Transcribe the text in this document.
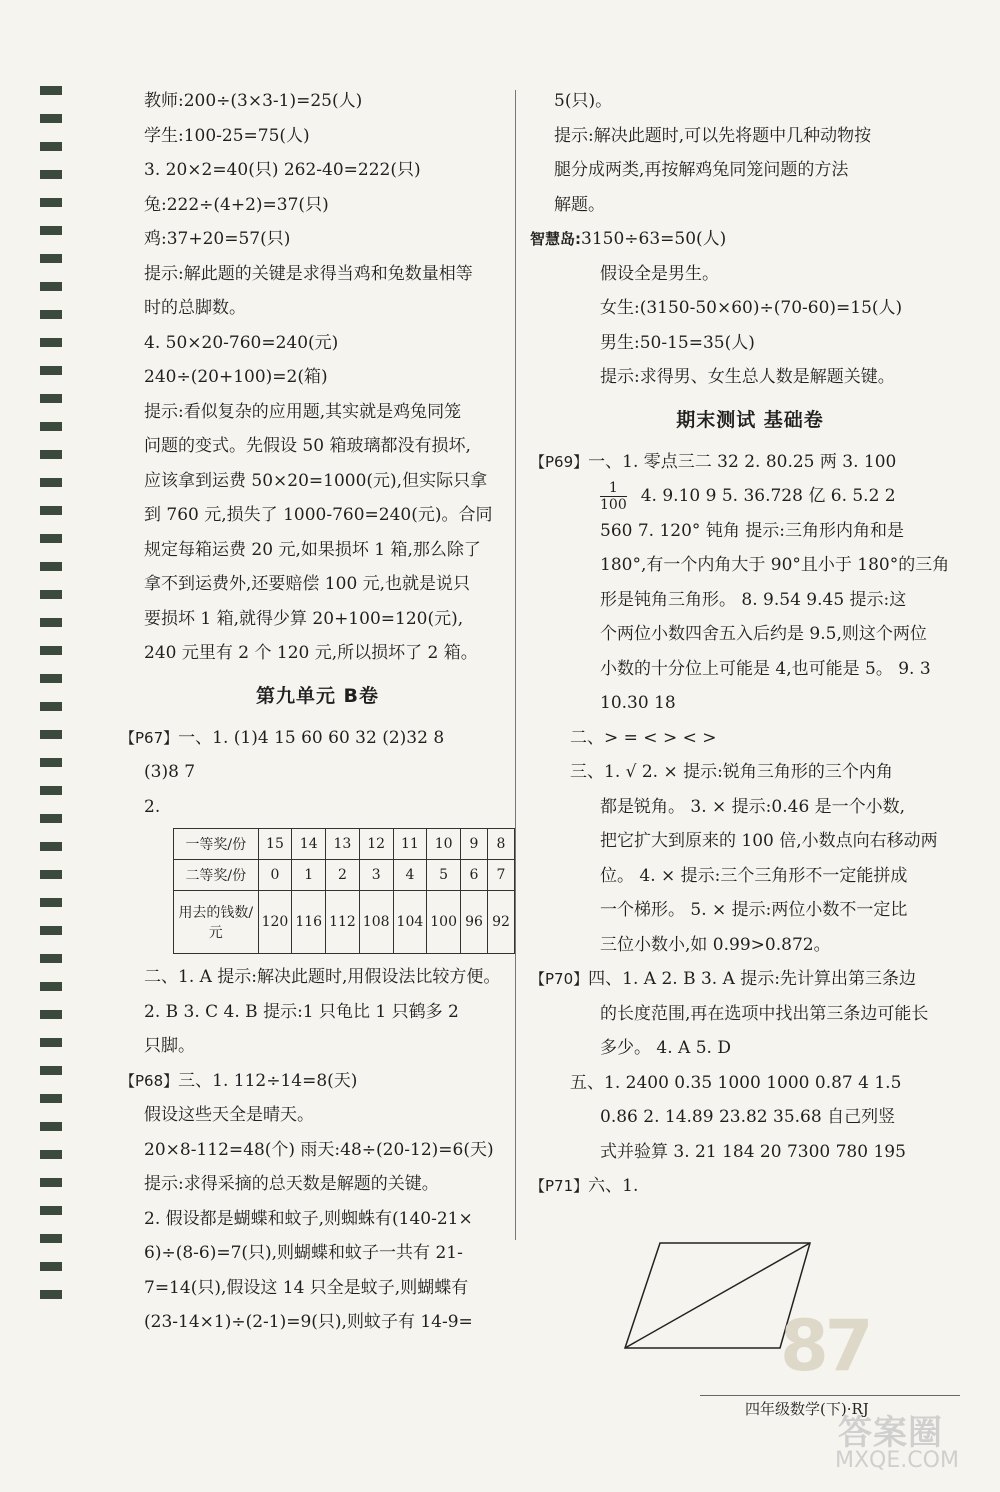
教师:200÷(3×3-1)=25(人)
学生:100-25=75(人)
3. 20×2=40(只) 262-40=222(只)
兔:222÷(4+2)=37(只)
鸡:37+20=57(只)
提示:解此题的关键是求得当鸡和兔数量相等
时的总脚数。
4. 50×20-760=240(元)
240÷(20+100)=2(箱)
提示:看似复杂的应用题,其实就是鸡兔同笼
问题的变式。先假设 50 箱玻璃都没有损坏,
应该拿到运费 50×20=1000(元),但实际只拿
到 760 元,损失了 1000-760=240(元)。合同
规定每箱运费 20 元,如果损坏 1 箱,那么除了
拿不到运费外,还要赔偿 100 元,也就是说只
要损坏 1 箱,就得少算 20+100=120(元),
240 元里有 2 个 120 元,所以损坏了 2 箱。
第九单元 B卷
【P67】一、1. (1)4 15 60 60 32 (2)32 8
(3)8 7
2.
一等奖/份	15	14	13	12	11	10	9	8
二等奖/份	0	1	2	3	4	5	6	7
用去的钱数/元	120	116	112	108	104	100	96	92
二、1. A 提示:解决此题时,用假设法比较方便。
2. B 3. C 4. B 提示:1 只龟比 1 只鹤多 2
只脚。
【P68】三、1. 112÷14=8(天)
假设这些天全是晴天。
20×8-112=48(个) 雨天:48÷(20-12)=6(天)
提示:求得采摘的总天数是解题的关键。
2. 假设都是蝴蝶和蚊子,则蜘蛛有(140-21×
6)÷(8-6)=7(只),则蝴蝶和蚊子一共有 21-
7=14(只),假设这 14 只全是蚊子,则蝴蝶有
(23-14×1)÷(2-1)=9(只),则蚊子有 14-9=
5(只)。
提示:解决此题时,可以先将题中几种动物按
腿分成两类,再按解鸡兔同笼问题的方法
解题。
智慧岛:3150÷63=50(人)
假设全是男生。
女生:(3150-50×60)÷(70-60)=15(人)
男生:50-15=35(人)
提示:求得男、女生总人数是解题关键。
期末测试 基础卷
【P69】一、1. 零点三二 32 2. 80.25 两 3. 100
$\frac{1}{100} 4$. 9.10 9 5. 36.728 亿 6. 5.2 2
560 7. 120° 钝角 提示:三角形内角和是
180°,有一个内角大于 90°且小于 180°的三角
形是钝角三角形。 8. 9.54 9.45 提示:这
个两位小数四舍五入后约是 9.5,则这个两位
小数的十分位上可能是 4,也可能是 5。 9. 3
10.30 18
二、> = < > < >
三、1. √ 2. × 提示:锐角三角形的三个内角
都是锐角。 3. × 提示:0.46 是一个小数,
把它扩大到原来的 100 倍,小数点向右移动两
位。 4. × 提示:三个三角形不一定能拼成
一个梯形。 5. × 提示:两位小数不一定比
三位小数小,如 0.99>0.872。
【P70】四、1. A 2. B 3. A 提示:先计算出第三条边
的长度范围,再在选项中找出第三条边可能长
多少。 4. A 5. D
五、1. 2400 0.35 1000 1000 0.87 4 1.5
0.86 2. 14.89 23.82 35.68 自己列竖
式并验算 3. 21 184 20 7300 780 195
【P71】六、1.
87
四年级数学(下)·RJ
答案圈
MXQE.COM
